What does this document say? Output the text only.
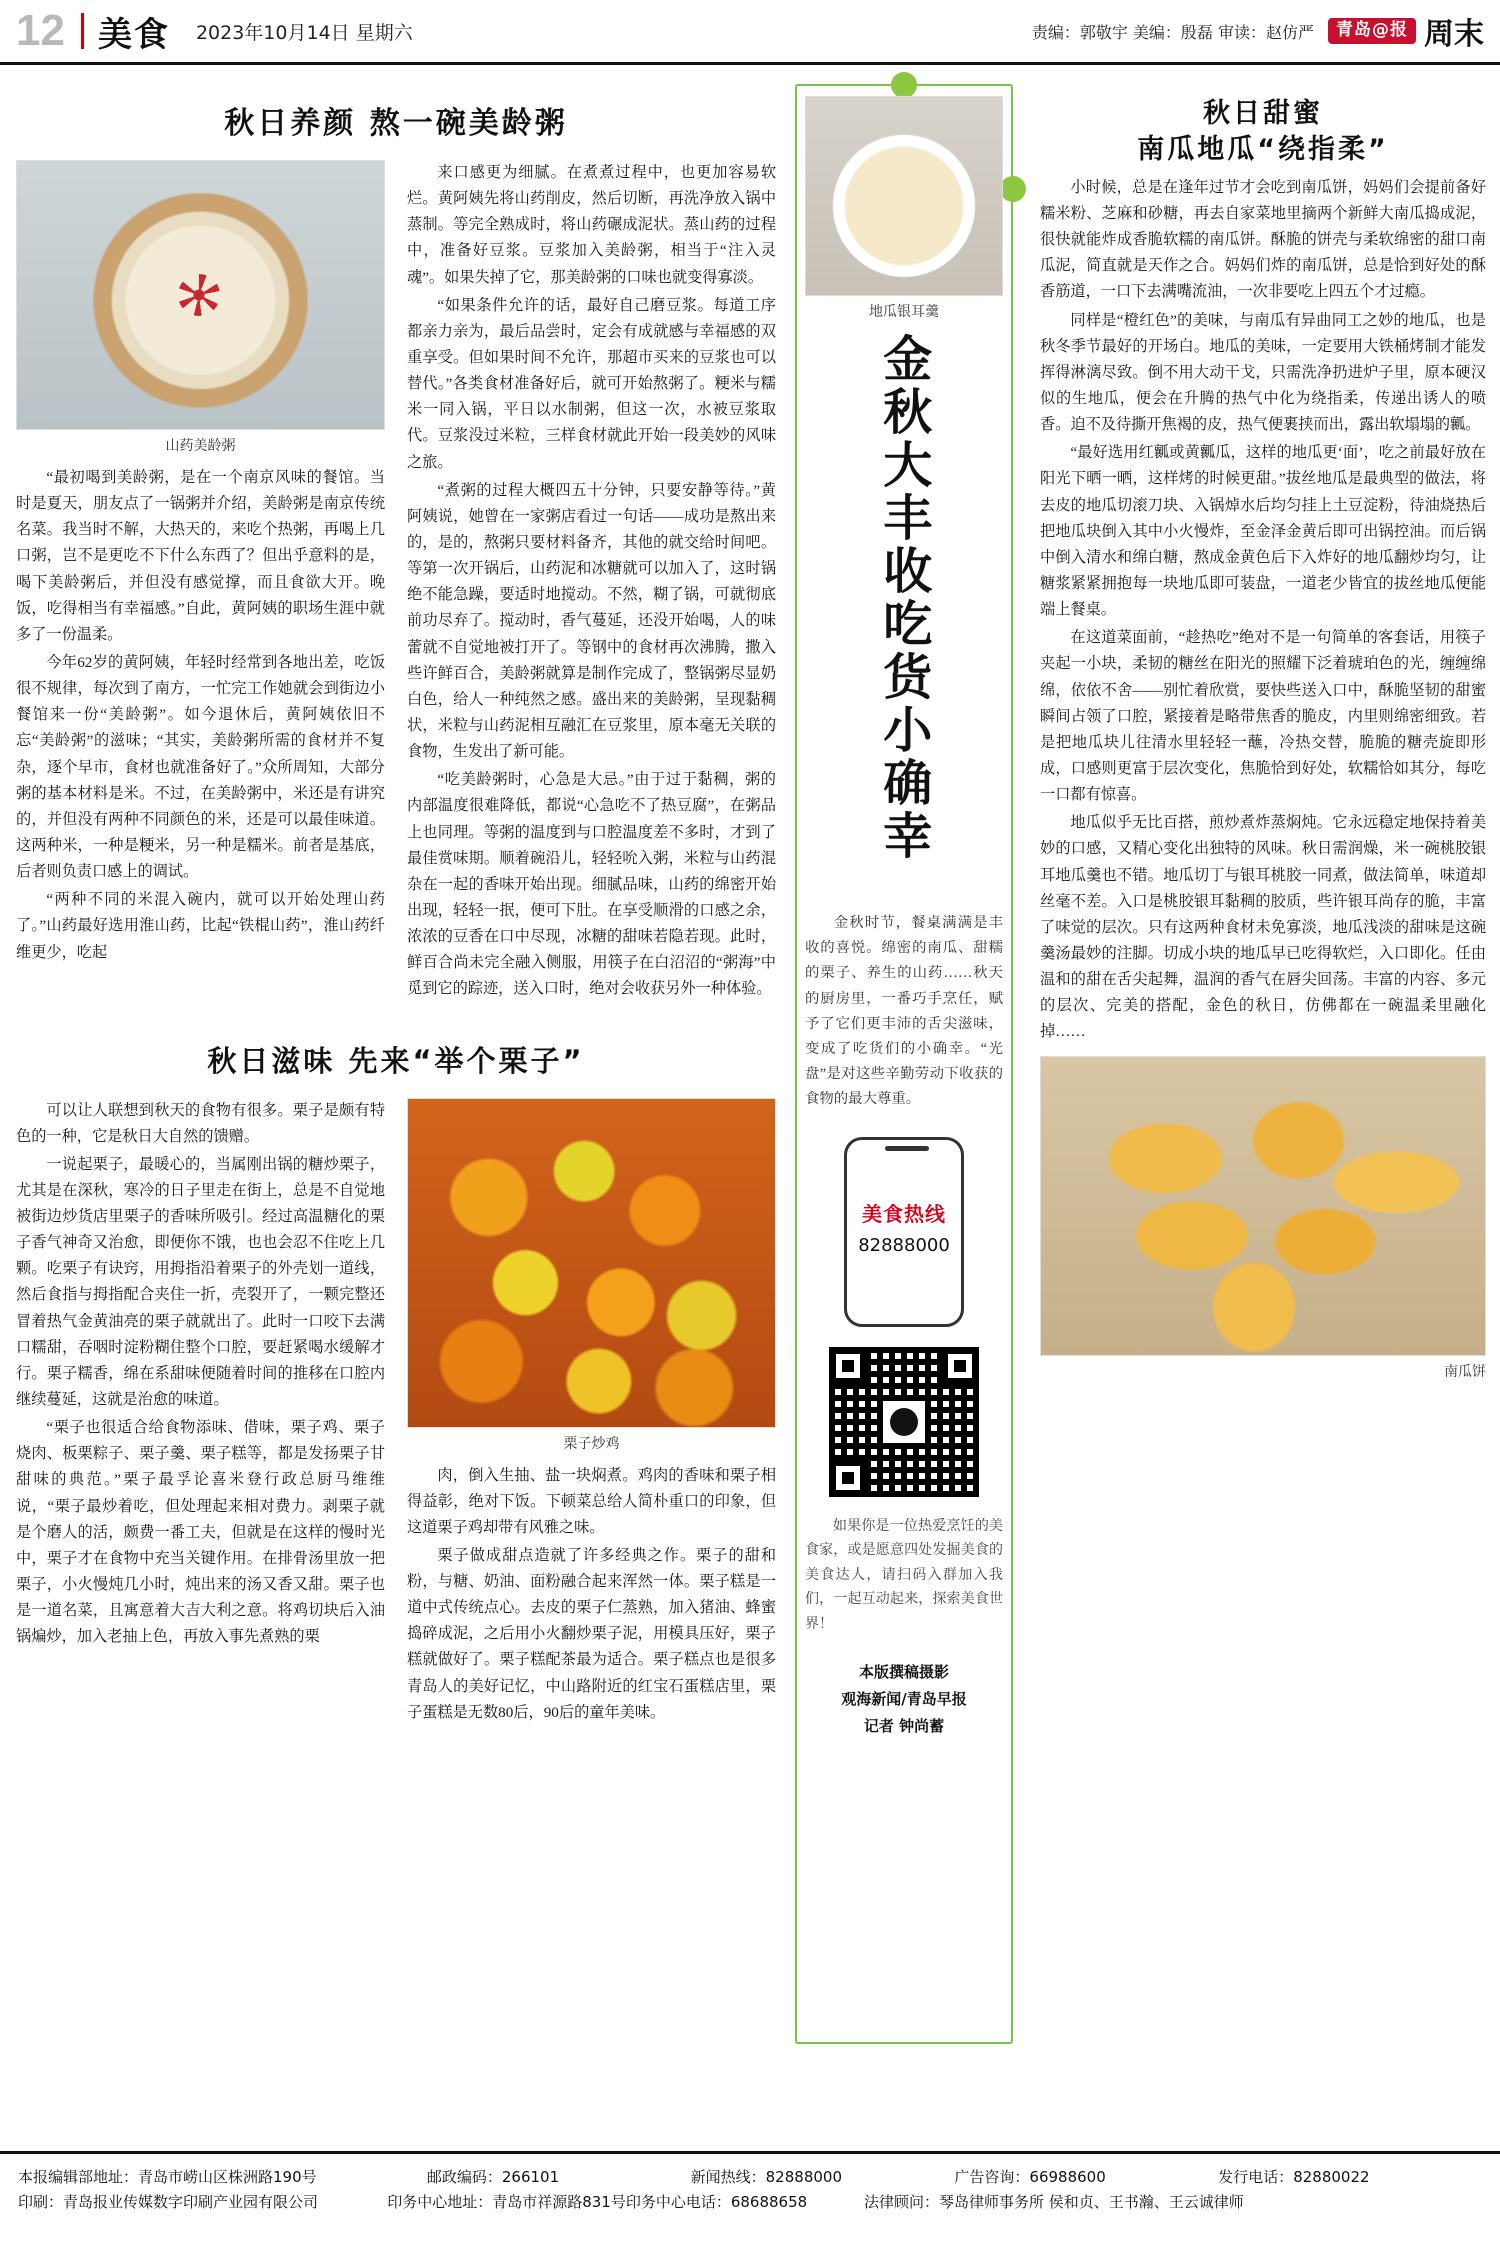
12 美食 2023年10月14日 星期六	责编：郭敬宇 美编：殷磊 审读：赵仿严	青岛@报 周末
秋日养颜 熬一碗美龄粥
山药美龄粥

“最初喝到美龄粥，是在一个南京风味的餐馆。当时是夏天，朋友点了一锅粥并介绍，美龄粥是南京传统名菜。我当时不解，大热天的，来吃个热粥，再喝上几口粥，岂不是更吃不下什么东西了？但出乎意料的是，喝下美龄粥后，并但没有感觉撑，而且食欲大开。晚饭，吃得相当有幸福感。”自此，黄阿姨的职场生涯中就多了一份温柔。

今年62岁的黄阿姨，年轻时经常到各地出差，吃饭很不规律，每次到了南方，一忙完工作她就会到街边小餐馆来一份“美龄粥”。如今退休后，黄阿姨依旧不忘“美龄粥”的滋味；“其实，美龄粥所需的食材并不复杂，逐个早市，食材也就准备好了。”众所周知，大部分粥的基本材料是米。不过，在美龄粥中，米还是有讲究的，并但没有两种不同颜色的米，还是可以最佳味道。这两种米，一种是粳米，另一种是糯米。前者是基底，后者则负责口感上的调试。

“两种不同的米混入碗内，就可以开始处理山药了。”山药最好选用淮山药，比起“铁棍山药”，淮山药纤维更少，吃起

来口感更为细腻。在煮煮过程中，也更加容易软烂。黄阿姨先将山药削皮，然后切断，再洗净放入锅中蒸制。等完全熟成时，将山药碾成泥状。蒸山药的过程中，准备好豆浆。豆浆加入美龄粥，相当于“注入灵魂”。如果失掉了它，那美龄粥的口味也就变得寡淡。

“如果条件允许的话，最好自己磨豆浆。每道工序都亲力亲为，最后品尝时，定会有成就感与幸福感的双重享受。但如果时间不允许，那超市买来的豆浆也可以替代。”各类食材准备好后，就可开始熬粥了。粳米与糯米一同入锅，平日以水制粥，但这一次，水被豆浆取代。豆浆没过米粒，三样食材就此开始一段美妙的风味之旅。

“煮粥的过程大概四五十分钟，只要安静等待。”黄阿姨说，她曾在一家粥店看过一句话——成功是熬出来的，是的，熬粥只要材料备齐，其他的就交给时间吧。等第一次开锅后，山药泥和冰糖就可以加入了，这时锅绝不能急躁，要适时地搅动。不然，糊了锅，可就彻底前功尽弃了。搅动时，香气蔓延，还没开始喝，人的味蕾就不自觉地被打开了。等钢中的食材再次沸腾，撒入些许鲜百合，美龄粥就算是制作完成了，整锅粥尽显奶白色，给人一种纯然之感。盛出来的美龄粥，呈现黏稠状，米粒与山药泥相互融汇在豆浆里，原本毫无关联的食物，生发出了新可能。

“吃美龄粥时，心急是大忌。”由于过于黏稠，粥的内部温度很难降低，都说“心急吃不了热豆腐”，在粥品上也同理。等粥的温度到与口腔温度差不多时，才到了最佳赏味期。顺着碗沿儿，轻轻吮入粥，米粒与山药混杂在一起的香味开始出现。细腻品味，山药的绵密开始出现，轻轻一抿，便可下肚。在享受顺滑的口感之余，浓浓的豆香在口中尽现，冰糖的甜味若隐若现。此时，鲜百合尚未完全融入侧服，用筷子在白沼沼的“粥海”中觅到它的踪迹，送入口时，绝对会收获另外一种体验。

秋日滋味 先来“举个栗子”

可以让人联想到秋天的食物有很多。栗子是颇有特色的一种，它是秋日大自然的馈赠。

一说起栗子，最暖心的，当属刚出锅的糖炒栗子，尤其是在深秋，寒冷的日子里走在街上，总是不自觉地被街边炒货店里栗子的香味所吸引。经过高温糖化的栗子香气神奇又治愈，即便你不饿，也也会忍不住吃上几颗。吃栗子有诀窍，用拇指沿着栗子的外壳划一道线，然后食指与拇指配合夹住一折，壳裂开了，一颗完整还冒着热气金黄油亮的栗子就就出了。此时一口咬下去满口糯甜，吞咽时淀粉糊住整个口腔，要赶紧喝水缓解才行。栗子糯香，绵在系甜味便随着时间的推移在口腔内继续蔓延，这就是治愈的味道。

“栗子也很适合给食物添味、借味，栗子鸡、栗子烧肉、板栗粽子、栗子羹、栗子糕等，都是发扬栗子甘甜味的典范。”栗子最孚论喜米登行政总厨马维维说，“栗子最炒着吃，但处理起来相对费力。剥栗子就是个磨人的活，颇费一番工夫，但就是在这样的慢时光中，栗子才在食物中充当关键作用。在排骨汤里放一把栗子，小火慢炖几小时，炖出来的汤又香又甜。栗子也是一道名菜，且寓意着大吉大利之意。将鸡切块后入油锅煸炒，加入老抽上色，再放入事先煮熟的栗

栗子炒鸡

肉，倒入生抽、盐一块焖煮。鸡肉的香味和栗子相得益彰，绝对下饭。下顿菜总给人简朴重口的印象，但这道栗子鸡却带有风雅之味。

栗子做成甜点造就了许多经典之作。栗子的甜和粉，与糖、奶油、面粉融合起来浑然一体。栗子糕是一道中式传统点心。去皮的栗子仁蒸熟，加入猪油、蜂蜜捣碎成泥，之后用小火翻炒栗子泥，用模具压好，栗子糕就做好了。栗子糕配茶最为适合。栗子糕点也是很多青岛人的美好记忆，中山路附近的红宝石蛋糕店里，栗子蛋糕是无数80后，90后的童年美味。

地瓜银耳羹
金秋大丰收吃货小确幸
金秋时节，餐桌满满是丰收的喜悦。绵密的南瓜、甜糯的栗子、养生的山药……秋天的厨房里，一番巧手烹任，赋予了它们更丰沛的舌尖滋味，变成了吃货们的小确幸。“光盘”是对这些辛勤劳动下收获的食物的最大尊重。
美食热线
82888000
如果你是一位热爱烹饪的美食家，或是愿意四处发掘美食的美食达人，请扫码入群加入我们，一起互动起来，探索美食世界！
本版撰稿摄影
观海新闻/青岛早报
记者 钟尚蓄
秋日甜蜜
南瓜地瓜“绕指柔”

小时候，总是在逢年过节才会吃到南瓜饼，妈妈们会提前备好糯米粉、芝麻和砂糖，再去自家菜地里摘两个新鲜大南瓜捣成泥，很快就能炸成香脆软糯的南瓜饼。酥脆的饼壳与柔软绵密的甜口南瓜泥，简直就是天作之合。妈妈们炸的南瓜饼，总是恰到好处的酥香筋道，一口下去满嘴流油，一次非要吃上四五个才过瘾。

同样是“橙红色”的美味，与南瓜有异曲同工之妙的地瓜，也是秋冬季节最好的开场白。地瓜的美味，一定要用大铁桶烤制才能发挥得淋漓尽致。倒不用大动干戈，只需洗净扔进炉子里，原本硬汉似的生地瓜，便会在升腾的热气中化为绕指柔，传递出诱人的喷香。迫不及待撕开焦褐的皮，热气便裹挟而出，露出软塌塌的瓤。

“最好选用红瓤或黄瓤瓜，这样的地瓜更‘面’，吃之前最好放在阳光下晒一晒，这样烤的时候更甜。”拔丝地瓜是最典型的做法，将去皮的地瓜切滚刀块、入锅焯水后均匀挂上土豆淀粉，待油烧热后把地瓜块倒入其中小火慢炸，至金泽金黄后即可出锅控油。而后锅中倒入清水和绵白糖，熬成金黄色后下入炸好的地瓜翻炒均匀，让糖浆紧紧拥抱每一块地瓜即可装盘，一道老少皆宜的拔丝地瓜便能端上餐桌。

在这道菜面前，“趁热吃”绝对不是一句简单的客套话，用筷子夹起一小块，柔韧的糖丝在阳光的照耀下泛着琥珀色的光，缠缠绵绵，依依不舍——别忙着欣赏，要快些送入口中，酥脆坚韧的甜蜜瞬间占领了口腔，紧接着是略带焦香的脆皮，内里则绵密细致。若是把地瓜块儿往清水里轻轻一蘸，冷热交替，脆脆的糖壳旋即形成，口感则更富于层次变化，焦脆恰到好处，软糯恰如其分，每吃一口都有惊喜。

地瓜似乎无比百搭，煎炒煮炸蒸焖炖。它永远稳定地保持着美妙的口感，又精心变化出独特的风味。秋日需润燥，米一碗桃胶银耳地瓜羹也不错。地瓜切丁与银耳桃胶一同煮，做法简单，味道却丝毫不差。入口是桃胶银耳黏稠的胶质，些许银耳尚存的脆，丰富了味觉的层次。只有这两种食材未免寡淡，地瓜浅淡的甜味是这碗羹汤最妙的注脚。切成小块的地瓜早已吃得软烂，入口即化。任由温和的甜在舌尖起舞，温润的香气在唇尖回荡。丰富的内容、多元的层次、完美的搭配，金色的秋日，仿佛都在一碗温柔里融化掉……

南瓜饼
本报编辑部地址：青岛市崂山区株洲路190号	邮政编码：266101	新闻热线：82888000	广告咨询：66988600	发行电话：82880022
印刷：青岛报业传媒数字印刷产业园有限公司	印务中心地址：青岛市祥源路831号 印务中心电话：68688658	法律顾问：琴岛律师事务所 侯和贞、王书瀚、王云诚律师
